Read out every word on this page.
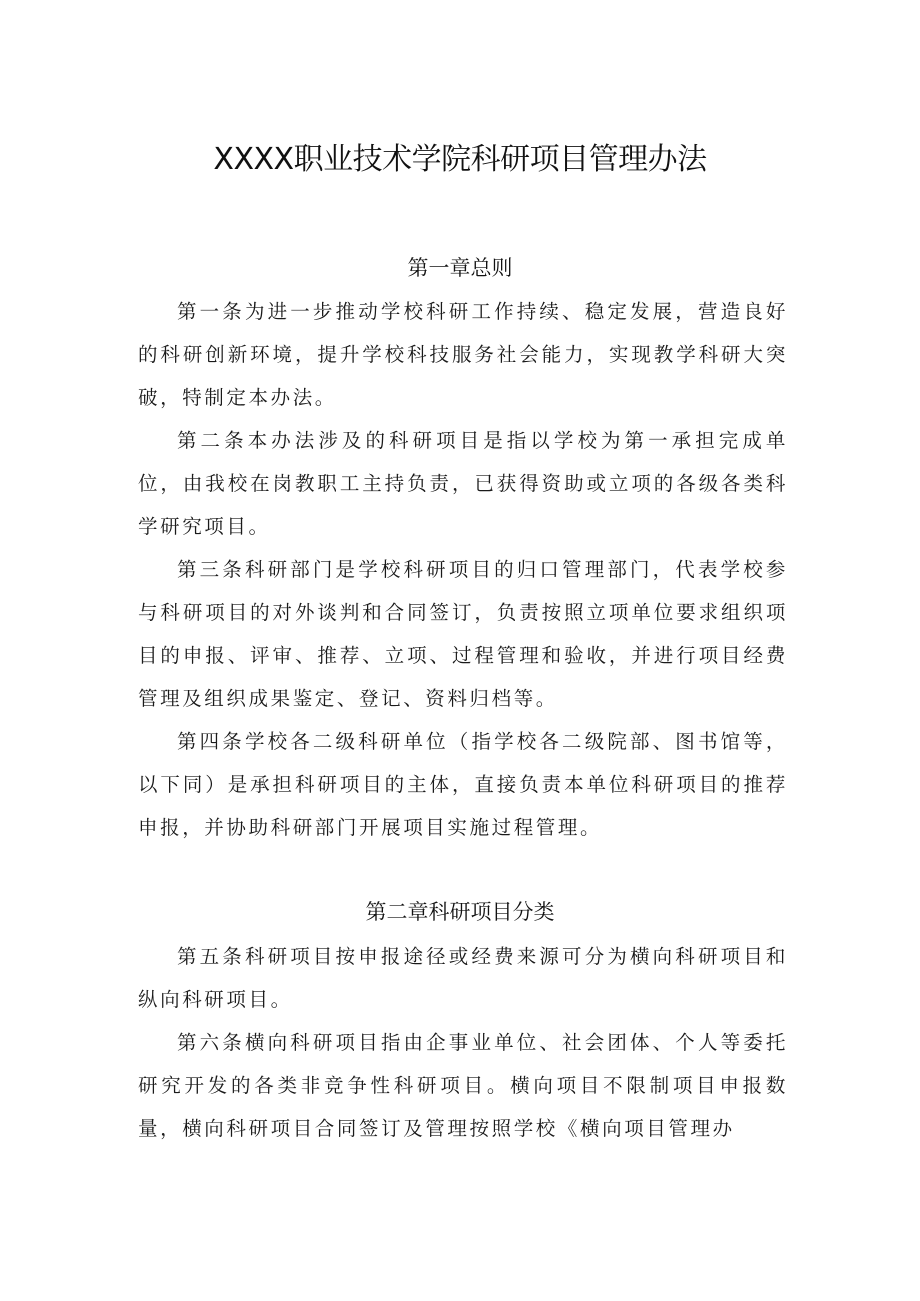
XXXX职业技术学院科研项目管理办法
第一章总则

第一条为进一步推动学校科研工作持续、稳定发展，营造良好的科研创新环境，提升学校科技服务社会能力，实现教学科研大突破，特制定本办法。

第二条本办法涉及的科研项目是指以学校为第一承担完成单位，由我校在岗教职工主持负责，已获得资助或立项的各级各类科学研究项目。

第三条科研部门是学校科研项目的归口管理部门，代表学校参与科研项目的对外谈判和合同签订，负责按照立项单位要求组织项目的申报、评审、推荐、立项、过程管理和验收，并进行项目经费管理及组织成果鉴定、登记、资料归档等。

第四条学校各二级科研单位（指学校各二级院部、图书馆等，以下同）是承担科研项目的主体，直接负责本单位科研项目的推荐申报，并协助科研部门开展项目实施过程管理。

第二章科研项目分类

第五条科研项目按申报途径或经费来源可分为横向科研项目和纵向科研项目。

第六条横向科研项目指由企事业单位、社会团体、个人等委托研究开发的各类非竞争性科研项目。横向项目不限制项目申报数量，横向科研项目合同签订及管理按照学校《横向项目管理办
